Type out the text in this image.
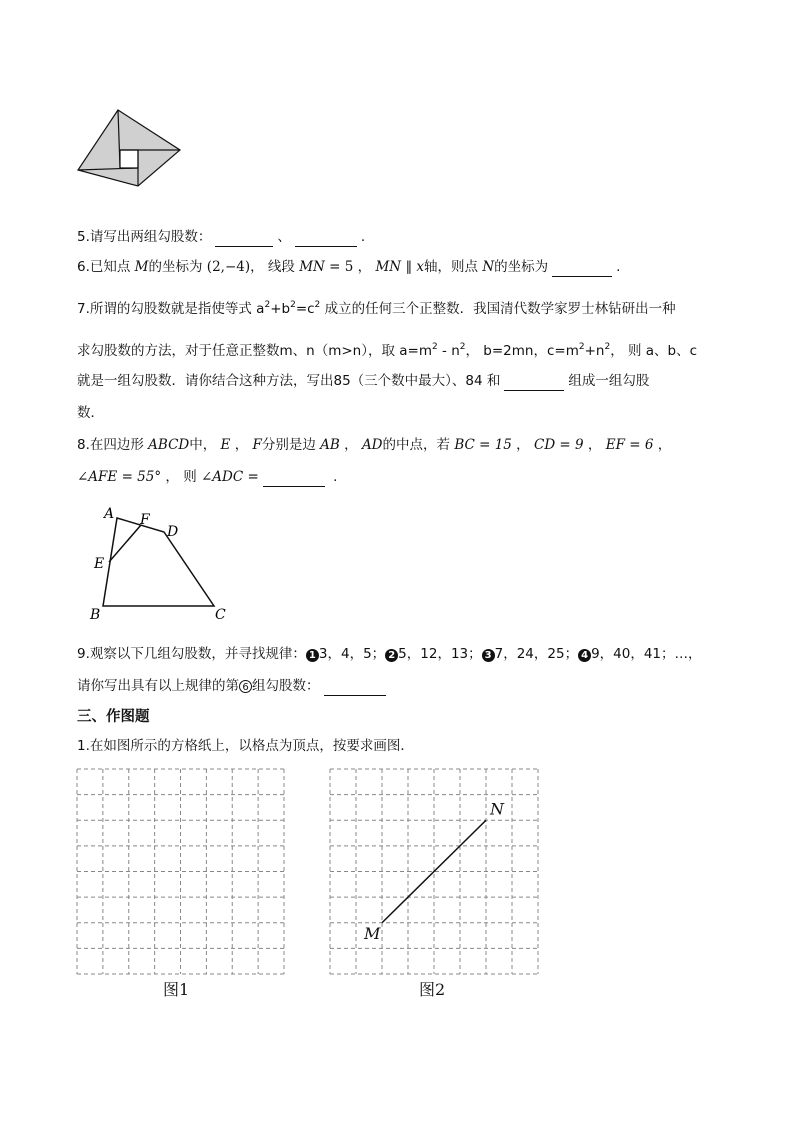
5.请写出两组勾股数：	、	.
6.已知点 M的坐标为 (2,−4)， 线段 MN = 5 ， MN ∥ x轴，则点 N的坐标为	.
7.所谓的勾股数就是指使等式 $a^2+b^2=c^2$ 成立的任何三个正整数．我国清代数学家罗士林钻研出一种
求勾股数的方法，对于任意正整数m、n（m>n），取 $a=m^2 - n^2$， b=2mn，$c=m^2+n^2$， 则 a、b、c
就是一组勾股数．请你结合这种方法，写出85（三个数中最大）、84 和	组成一组勾股
数．
8.在四边形 ABCD中， E ， F分别是边 AB ， AD的中点，若 BC = 15 ， CD = 9 ， EF = 6 ，
∠AFE = 55° ， 则 ∠ADC =	.
A F
D
E
B	C
9.观察以下几组勾股数，并寻找规律： 1 3，4，5； 2 5，12，13； 3 7，24，25； 4 9，40，41；…，
请你写出具有以上规律的第 6 组勾股数：
三、作图题
1.在如图所示的方格纸上，以格点为顶点，按要求画图．
图1
N
M
图2
